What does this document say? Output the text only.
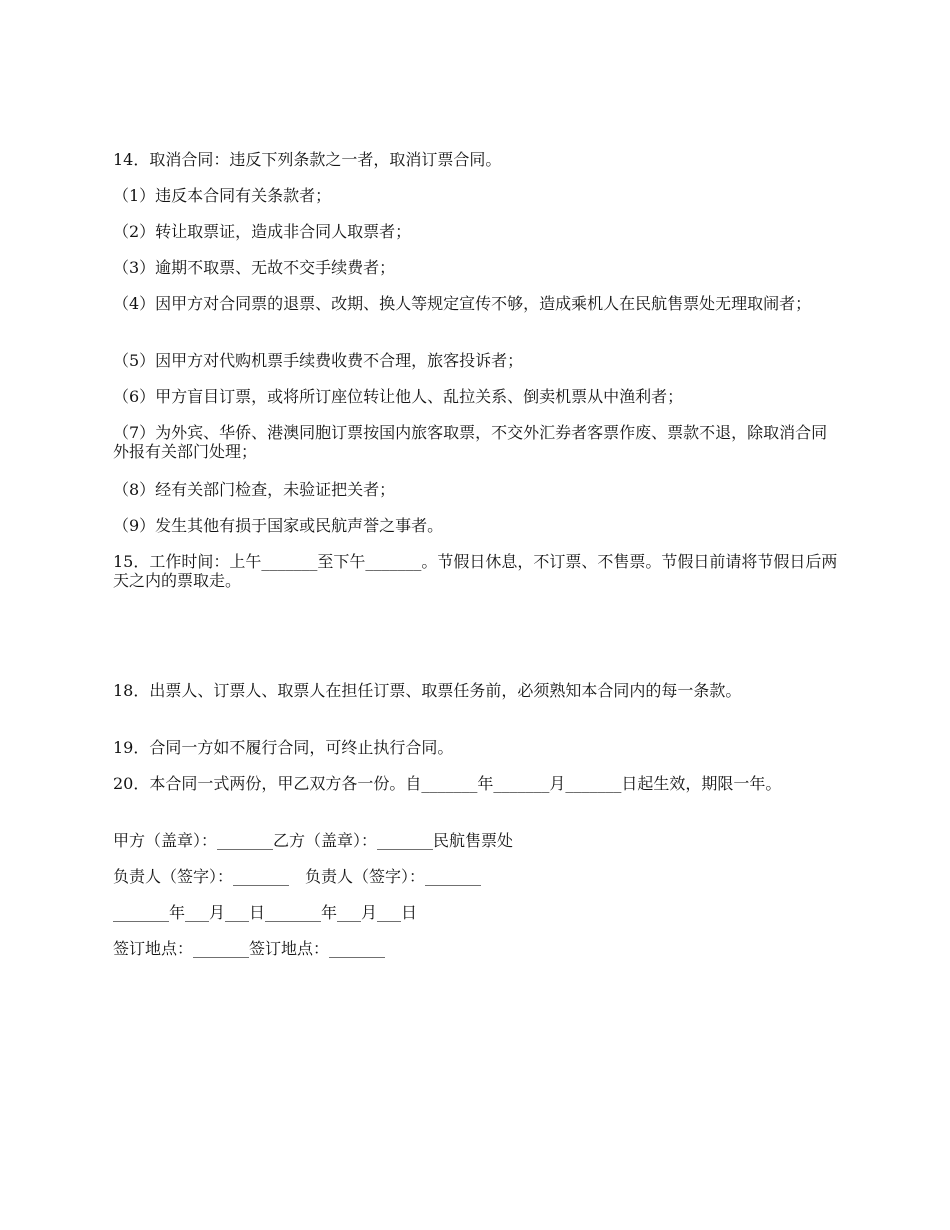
14．取消合同：违反下列条款之一者，取消订票合同。
（1）违反本合同有关条款者；
（2）转让取票证，造成非合同人取票者；
（3）逾期不取票、无故不交手续费者；
（4）因甲方对合同票的退票、改期、换人等规定宣传不够，造成乘机人在民航售票处无理取闹者；
（5）因甲方对代购机票手续费收费不合理，旅客投诉者；
（6）甲方盲目订票，或将所订座位转让他人、乱拉关系、倒卖机票从中渔利者；
（7）为外宾、华侨、港澳同胞订票按国内旅客取票，不交外汇券者客票作废、票款不退，除取消合同外报有关部门处理；
（8）经有关部门检查，未验证把关者；
（9）发生其他有损于国家或民航声誉之事者。
15．工作时间：上午_______至下午_______。节假日休息，不订票、不售票。节假日前请将节假日后两天之内的票取走。
18．出票人、订票人、取票人在担任订票、取票任务前，必须熟知本合同内的每一条款。
19．合同一方如不履行合同，可终止执行合同。
20．本合同一式两份，甲乙双方各一份。自_______年_______月_______日起生效，期限一年。
甲方（盖章）：_______乙方（盖章）：_______民航售票处
负责人（签字）：_______　负责人（签字）：_______
_______年___月___日_______年___月___日
签订地点：_______签订地点：_______
